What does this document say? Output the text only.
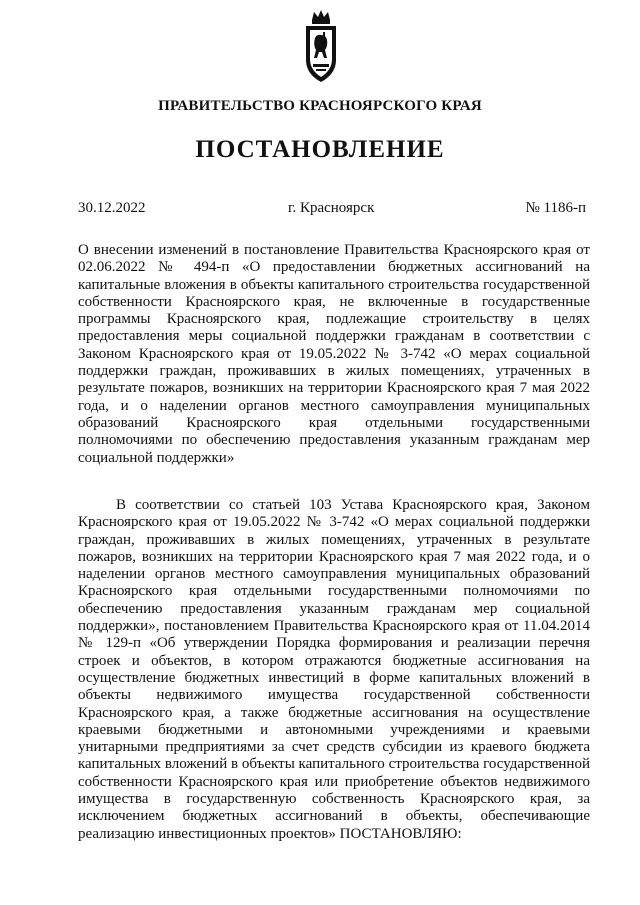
ПРАВИТЕЛЬСТВО КРАСНОЯРСКОГО КРАЯ
ПОСТАНОВЛЕНИЕ
30.12.2022	г. Красноярск	№ 1186-п
О внесении изменений в постановление Правительства Красноярского края от 02.06.2022 № 494-п «О предоставлении бюджетных ассигнований на капитальные вложения в объекты капитального строительства государственной собственности Красноярского края, не включенные в государственные программы Красноярского края, подлежащие строительству в целях предоставления меры социальной поддержки гражданам в соответствии с Законом Красноярского края от 19.05.2022 № 3-742 «О мерах социальной поддержки граждан, проживавших в жилых помещениях, утраченных в результате пожаров, возникших на территории Красноярского края 7 мая 2022 года, и о наделении органов местного самоуправления муниципальных образований Красноярского края отдельными государственными полномочиями по обеспечению предоставления указанным гражданам мер социальной поддержки»
В соответствии со статьей 103 Устава Красноярского края, Законом Красноярского края от 19.05.2022 № 3-742 «О мерах социальной поддержки граждан, проживавших в жилых помещениях, утраченных в результате пожаров, возникших на территории Красноярского края 7 мая 2022 года, и о наделении органов местного самоуправления муниципальных образований Красноярского края отдельными государственными полномочиями по обеспечению предоставления указанным гражданам мер социальной поддержки», постановлением Правительства Красноярского края от 11.04.2014 № 129-п «Об утверждении Порядка формирования и реализации перечня строек и объектов, в котором отражаются бюджетные ассигнования на осуществление бюджетных инвестиций в форме капитальных вложений в объекты недвижимого имущества государственной собственности Красноярского края, а также бюджетные ассигнования на осуществление краевыми бюджетными и автономными учреждениями и краевыми унитарными предприятиями за счет средств субсидии из краевого бюджета капитальных вложений в объекты капитального строительства государственной собственности Красноярского края или приобретение объектов недвижимого имущества в государственную собственность Красноярского края, за исключением бюджетных ассигнований в объекты, обеспечивающие реализацию инвестиционных проектов» ПОСТАНОВЛЯЮ:
